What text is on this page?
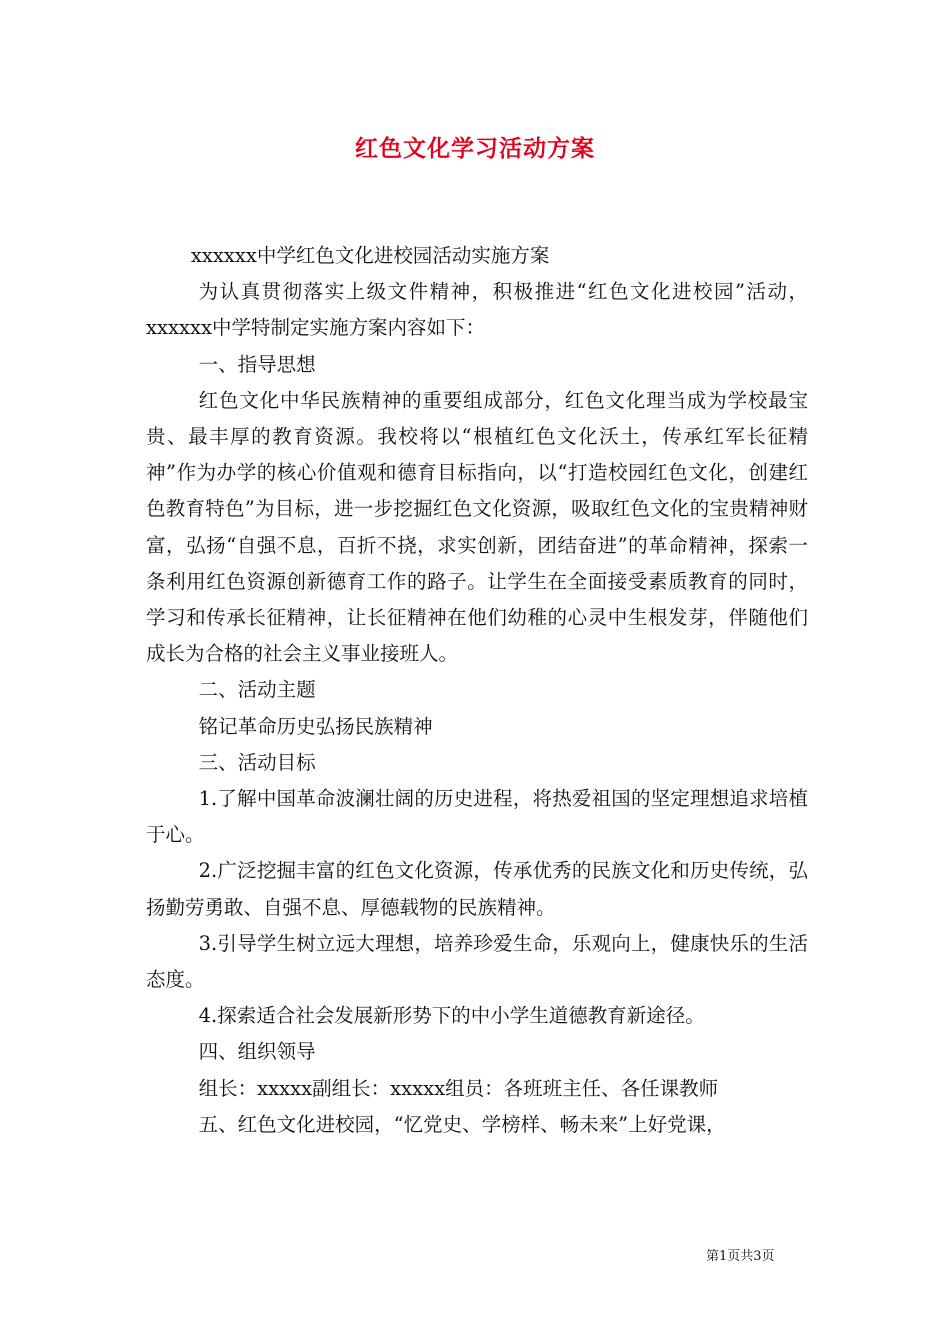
红色文化学习活动方案

xxxxxx中学红色文化进校园活动实施方案

为认真贯彻落实上级文件精神，积极推进“红色文化进校园”活动，xxxxxx中学特制定实施方案内容如下：

一、指导思想

红色文化中华民族精神的重要组成部分，红色文化理当成为学校最宝贵、最丰厚的教育资源。我校将以“根植红色文化沃土，传承红军长征精神”作为办学的核心价值观和德育目标指向，以“打造校园红色文化，创建红色教育特色”为目标，进一步挖掘红色文化资源，吸取红色文化的宝贵精神财富，弘扬“自强不息，百折不挠，求实创新，团结奋进”的革命精神，探索一条利用红色资源创新德育工作的路子。让学生在全面接受素质教育的同时，学习和传承长征精神，让长征精神在他们幼稚的心灵中生根发芽，伴随他们成长为合格的社会主义事业接班人。

二、活动主题

铭记革命历史弘扬民族精神

三、活动目标

1.了解中国革命波澜壮阔的历史进程，将热爱祖国的坚定理想追求培植于心。

2.广泛挖掘丰富的红色文化资源，传承优秀的民族文化和历史传统，弘扬勤劳勇敢、自强不息、厚德载物的民族精神。

3.引导学生树立远大理想，培养珍爱生命，乐观向上，健康快乐的生活态度。

4.探索适合社会发展新形势下的中小学生道德教育新途径。

四、组织领导

组长：xxxxx副组长：xxxxx组员：各班班主任、各任课教师

五、红色文化进校园，“忆党史、学榜样、畅未来”上好党课，

第1页共3页
